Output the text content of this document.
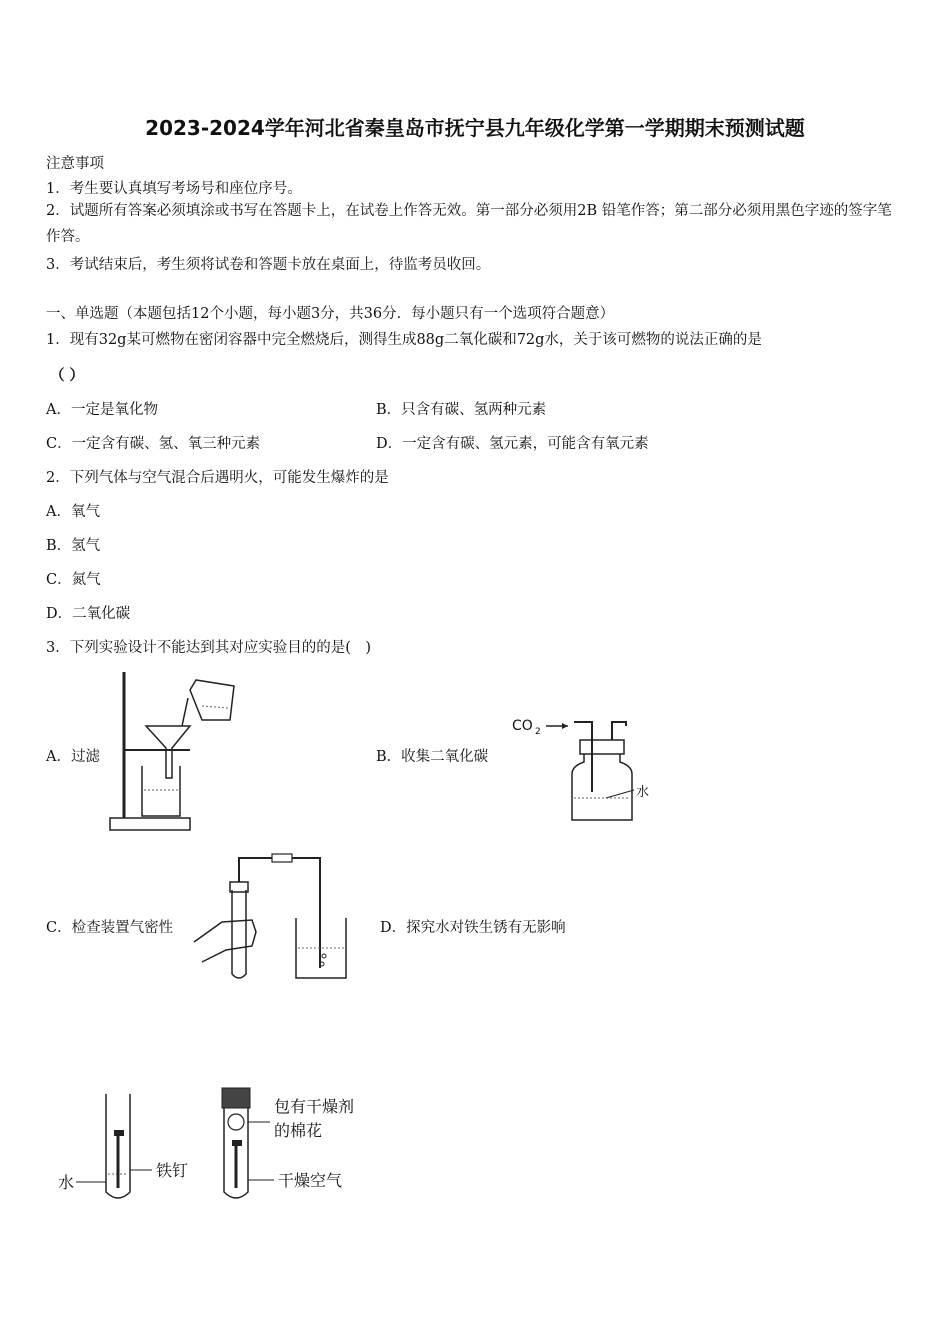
2023-2024学年河北省秦皇岛市抚宁县九年级化学第一学期期末预测试题
注意事项
1．考生要认真填写考场号和座位序号。
2．试题所有答案必须填涂或书写在答题卡上，在试卷上作答无效。第一部分必须用2B 铅笔作答；第二部分必须用黑色字迹的签字笔作答。
3．考试结束后，考生须将试卷和答题卡放在桌面上，待监考员收回。
一、单选题（本题包括12个小题，每小题3分，共36分．每小题只有一个选项符合题意）
1．现有32g某可燃物在密闭容器中完全燃烧后，测得生成88g二氧化碳和72g水，关于该可燃物的说法正确的是
（ ）
A．一定是氧化物	B．只含有碳、氢两种元素
C．一定含有碳、氢、氧三种元素	D．一定含有碳、氢元素，可能含有氧元素
2．下列气体与空气混合后遇明火，可能发生爆炸的是
A．氧气
B．氢气
C．氮气
D．二氧化碳
3．下列实验设计不能达到其对应实验目的的是(　)
A．过滤	B．收集二氧化碳
C．检查装置气密性	D．探究水对铁生锈有无影响
CO 2
水
水
铁钉
包有干燥剂
的棉花
干燥空气
